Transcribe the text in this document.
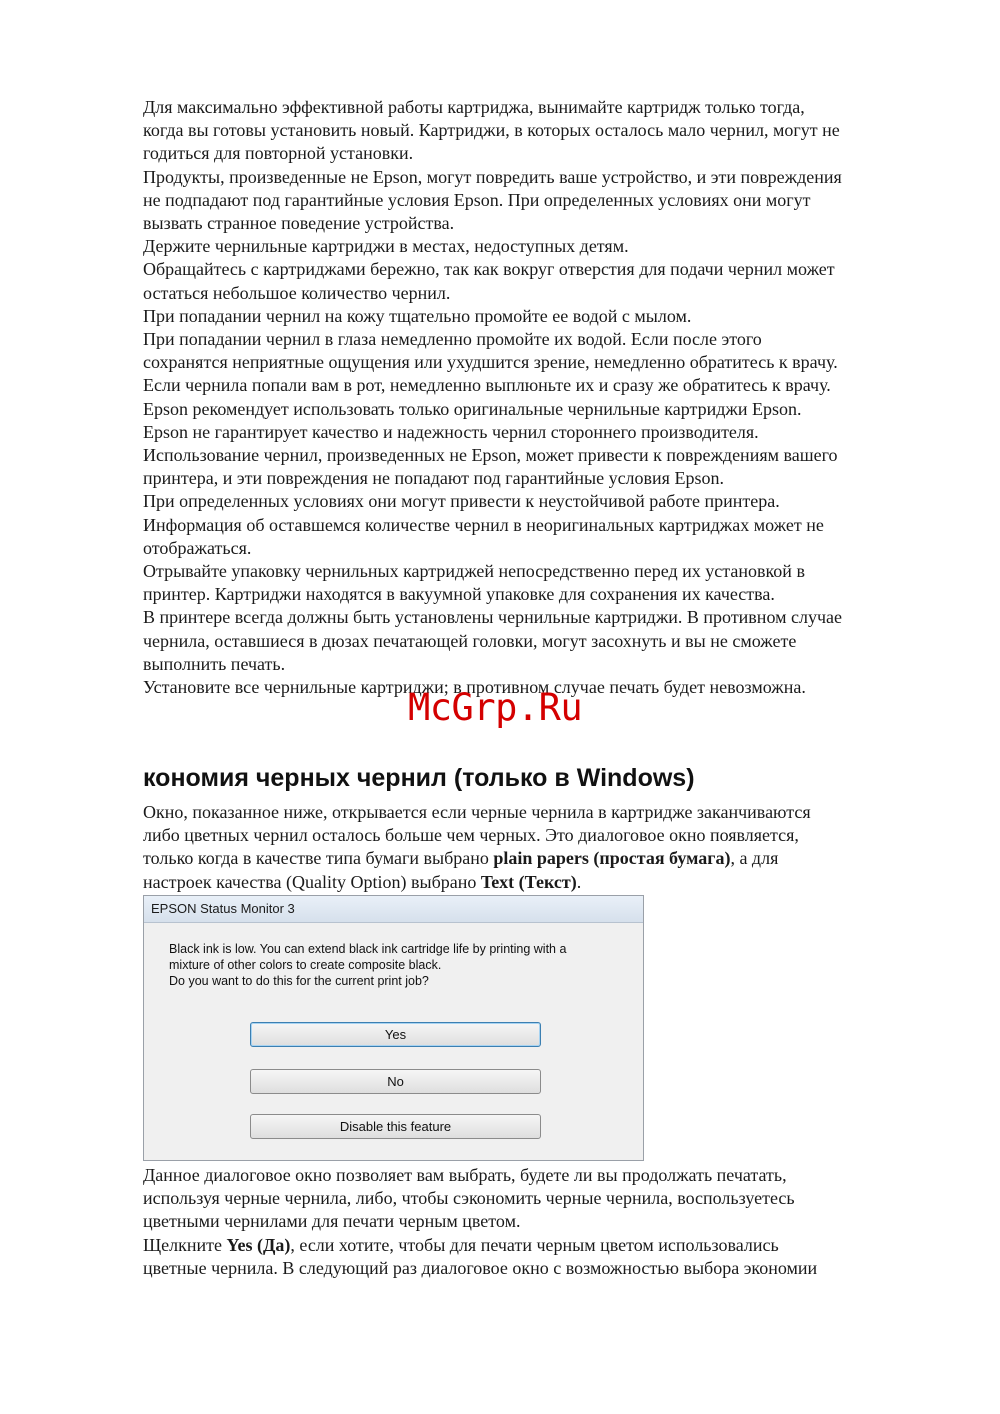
Для максимально эффективной работы картриджа, вынимайте картридж только тогда,
когда вы готовы установить новый. Картриджи, в которых осталось мало чернил, могут не
годиться для повторной установки.
Продукты, произведенные не Epson, могут повредить ваше устройство, и эти повреждения
не подпадают под гарантийные условия Epson. При определенных условиях они могут
вызвать странное поведение устройства.
Держите чернильные картриджи в местах, недоступных детям.
Обращайтесь с картриджами бережно, так как вокруг отверстия для подачи чернил может
остаться небольшое количество чернил.
При попадании чернил на кожу тщательно промойте ее водой с мылом.
При попадании чернил в глаза немедленно промойте их водой. Если после этого
сохранятся неприятные ощущения или ухудшится зрение, немедленно обратитесь к врачу.
Если чернила попали вам в рот, немедленно выплюньте их и сразу же обратитесь к врачу.
Epson рекомендует использовать только оригинальные чернильные картриджи Epson.
Epson не гарантирует качество и надежность чернил стороннего производителя.
Использование чернил, произведенных не Epson, может привести к повреждениям вашего
принтера, и эти повреждения не попадают под гарантийные условия Epson.
При определенных условиях они могут привести к неустойчивой работе принтера.
Информация об оставшемся количестве чернил в неоригинальных картриджах может не
отображаться.
Отрывайте упаковку чернильных картриджей непосредственно перед их установкой в
принтер. Картриджи находятся в вакуумной упаковке для сохранения их качества.
В принтере всегда должны быть установлены чернильные картриджи. В противном случае
чернила, оставшиеся в дюзах печатающей головки, могут засохнуть и вы не сможете
выполнить печать.
Установите все чернильные картриджи; в противном случае печать будет невозможна.
McGrp.Ru
кономия черных чернил (только в Windows)
Окно, показанное ниже, открывается если черные чернила в картридже заканчиваются
либо цветных чернил осталось больше чем черных. Это диалоговое окно появляется,
только когда в качестве типа бумаги выбрано plain papers (простая бумага), а для
настроек качества (Quality Option) выбрано Text (Текст).
EPSON Status Monitor 3
Black ink is low. You can extend black ink cartridge life by printing with a
mixture of other colors to create composite black.
Do you want to do this for the current print job?
Yes
No
Disable this feature
Данное диалоговое окно позволяет вам выбрать, будете ли вы продолжать печатать,
используя черные чернила, либо, чтобы сэкономить черные чернила, воспользуетесь
цветными чернилами для печати черным цветом.
Щелкните Yes (Да), если хотите, чтобы для печати черным цветом использовались
цветные чернила. В следующий раз диалоговое окно с возможностью выбора экономии
